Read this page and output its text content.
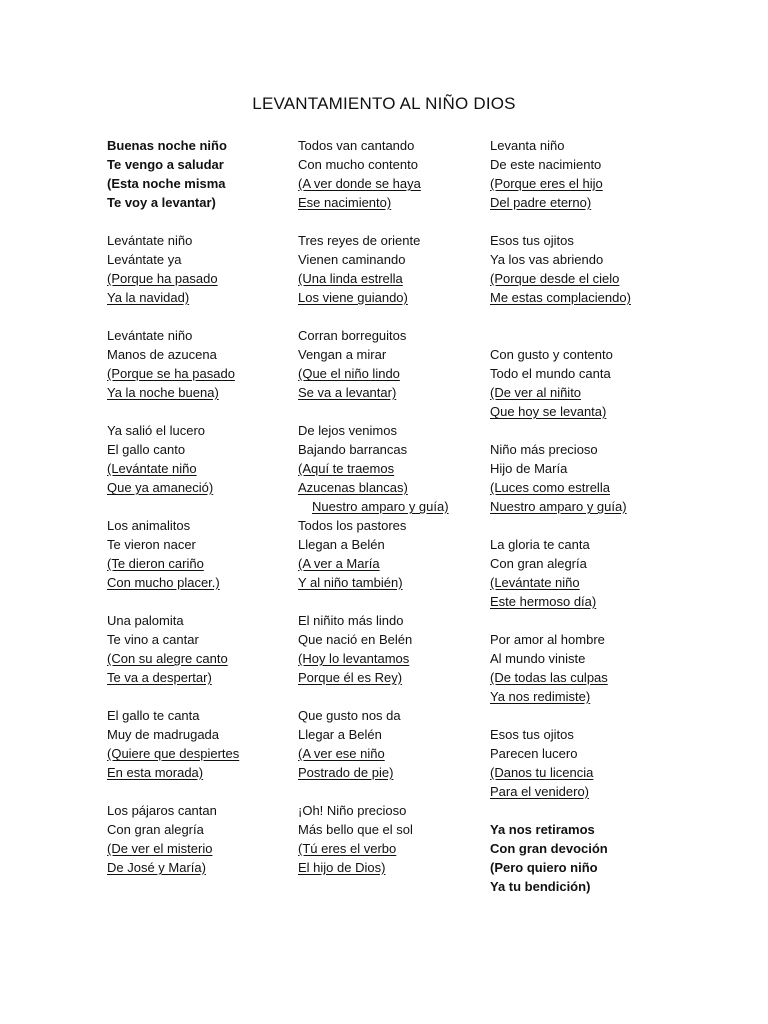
LEVANTAMIENTO AL NIÑO DIOS
Buenas noche niño
Te vengo a saludar
(Esta noche misma
Te voy a levantar)
Levántate niño
Levántate ya
(Porque ha pasado
Ya la navidad)
Levántate niño
Manos de azucena
(Porque se ha pasado
Ya la noche buena)
Ya salió el lucero
El gallo canto
(Levántate niño
Que ya amaneció)
Los animalitos
Te vieron nacer
(Te dieron cariño
Con mucho placer.)
Una palomita
Te vino a cantar
(Con su alegre canto
Te va a despertar)
El gallo te canta
Muy de madrugada
(Quiere que despiertes
En esta morada)
Los pájaros cantan
Con gran alegría
(De ver el misterio
De José y María)
Todos van cantando
Con mucho contento
(A ver donde se haya
Ese nacimiento)
Tres reyes de oriente
Vienen caminando
(Una linda estrella
Los viene guiando)
Corran borreguitos
Vengan a mirar
(Que el niño lindo
Se va a levantar)
De lejos venimos
Bajando barrancas
(Aquí te traemos
Azucenas blancas)
Nuestro amparo y guía)
Todos los pastores
Llegan a Belén
(A ver a María
Y al niño también)
El niñito más lindo
Que nació en Belén
(Hoy lo levantamos
Porque él es Rey)
Que gusto nos da
Llegar a Belén
(A ver ese niño
Postrado de pie)
¡Oh! Niño precioso
Más bello que el sol
(Tú eres el verbo
El hijo de Dios)
Levanta niño
De este nacimiento
(Porque eres el hijo
Del padre eterno)
Esos tus ojitos
Ya los vas abriendo
(Porque desde el cielo
Me estas complaciendo)
Con gusto y contento
Todo el mundo canta
(De ver al niñito
Que hoy se levanta)
Niño más precioso
Hijo de María
(Luces como estrella
Nuestro amparo y guía)
La gloria te canta
Con gran alegría
(Levántate niño
Este hermoso día)
Por amor al hombre
Al mundo viniste
(De todas las culpas
Ya nos redimiste)
Esos tus ojitos
Parecen lucero
(Danos tu licencia
Para el venidero)
Ya nos retiramos
Con gran devoción
(Pero quiero niño
Ya tu bendición)
